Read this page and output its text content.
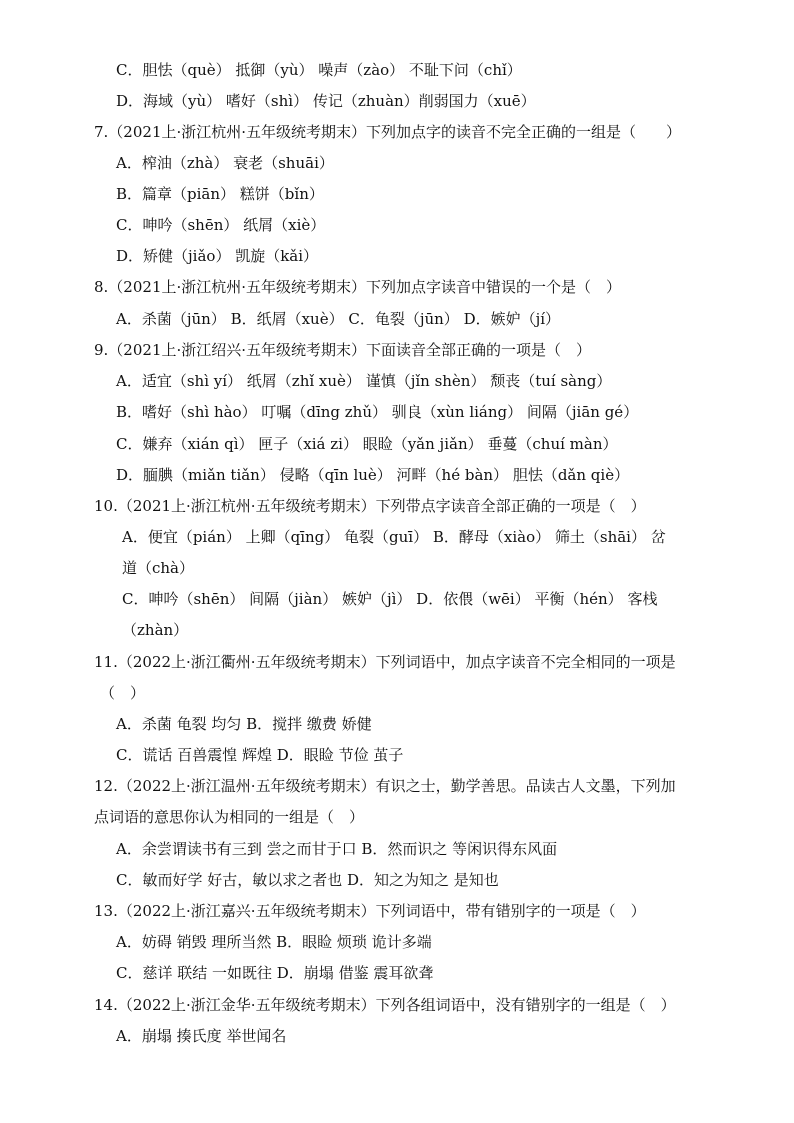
C．胆怯（què） 抵御（yù） 噪声（zào） 不耻下问（chǐ）
D．海域（yù） 嗜好（shì） 传记（zhuàn）削弱国力（xuē）
7.（2021上·浙江杭州·五年级统考期末）下列加点字的读音不完全正确的一组是（　　）
A．榨油（zhà） 衰老（shuāi）
B．篇章（piān） 糕饼（bǐn）
C．呻吟（shēn） 纸屑（xiè）
D．矫健（jiǎo） 凯旋（kǎi）
8.（2021上·浙江杭州·五年级统考期末）下列加点字读音中错误的一个是（　）
A．杀菌（jūn） B．纸屑（xuè） C．龟裂（jūn） D．嫉妒（jí）
9.（2021上·浙江绍兴·五年级统考期末）下面读音全部正确的一项是（　）
A．适宜（shì yí） 纸屑（zhǐ xuè） 谨慎（jǐn shèn） 颓丧（tuí sàng）
B．嗜好（shì hào） 叮嘱（dīng zhǔ） 驯良（xùn liáng） 间隔（jiān gé）
C．嫌弃（xián qì） 匣子（xiá zi） 眼睑（yǎn jiǎn） 垂蔓（chuí màn）
D．腼腆（miǎn tiǎn） 侵略（qīn luè） 河畔（hé bàn） 胆怯（dǎn qiè）
10.（2021上·浙江杭州·五年级统考期末）下列带点字读音全部正确的一项是（　）
A．便宜（pián） 上卿（qīng） 龟裂（guī） B．酵母（xiào） 筛土（shāi） 岔
道（chà）
C．呻吟（shēn） 间隔（jiàn） 嫉妒（jì） D．依偎（wēi） 平衡（hén） 客栈
（zhàn）
11.（2022上·浙江衢州·五年级统考期末）下列词语中，加点字读音不完全相同的一项是
（　）
A．杀菌 龟裂 均匀 B．搅拌 缴费 娇健
C．谎话 百兽震惶 辉煌 D．眼睑 节俭 茧子
12.（2022上·浙江温州·五年级统考期末）有识之士，勤学善思。品读古人文墨，下列加
点词语的意思你认为相同的一组是（　）
A．余尝谓读书有三到 尝之而甘于口 B．然而识之 等闲识得东风面
C．敏而好学 好古，敏以求之者也 D．知之为知之 是知也
13.（2022上·浙江嘉兴·五年级统考期末）下列词语中，带有错别字的一项是（　）
A．妨碍 销毁 理所当然 B．眼睑 烦琐 诡计多端
C．慈详 联结 一如既往 D．崩塌 借鉴 震耳欲聋
14.（2022上·浙江金华·五年级统考期末）下列各组词语中，没有错别字的一组是（　）
A．崩塌 揍氏度 举世闻名
